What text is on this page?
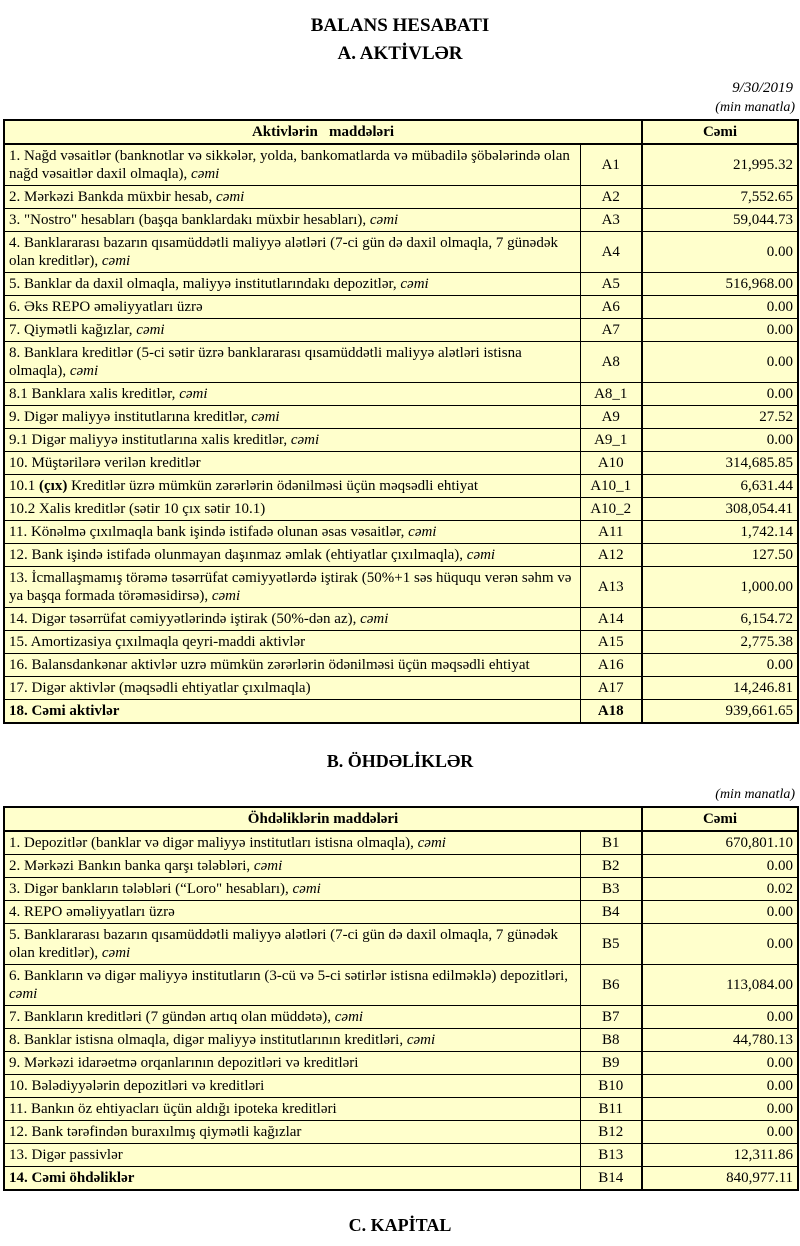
BALANS HESABATI
A. AKTİVLƏR
9/30/2019
(min manatla)
Aktivlərin   maddələri		Cəmi
1. Nağd vəsaitlər (banknotlar və sikkələr, yolda, bankomatlarda və mübadilə şöbələrində olan nağd vəsaitlər daxil olmaqla), cəmi	A1	21,995.32
2. Mərkəzi Bankda müxbir hesab, cəmi	A2	7,552.65
3. "Nostro" hesabları (başqa banklardakı müxbir hesabları), cəmi	A3	59,044.73
4. Banklararası bazarın qısamüddətli maliyyə alətləri (7-ci gün də daxil olmaqla, 7 günədək olan kreditlər), cəmi	A4	0.00
5. Banklar da daxil olmaqla, maliyyə institutlarındakı depozitlər, cəmi	A5	516,968.00
6. Əks REPO əməliyyatları üzrə	A6	0.00
7. Qiymətli kağızlar, cəmi	A7	0.00
8. Banklara kreditlər (5-ci sətir üzrə banklararası qısamüddətli maliyyə alətləri istisna olmaqla), cəmi	A8	0.00
8.1 Banklara xalis kreditlər, cəmi	A8_1	0.00
9. Digər maliyyə institutlarına kreditlər, cəmi	A9	27.52
9.1 Digər maliyyə institutlarına xalis kreditlər, cəmi	A9_1	0.00
10. Müştərilərə verilən kreditlər	A10	314,685.85
10.1 (çıx) Kreditlər üzrə mümkün zərərlərin ödənilməsi üçün məqsədli ehtiyat	A10_1	6,631.44
10.2 Xalis kreditlər (sətir 10 çıx sətir 10.1)	A10_2	308,054.41
11. Könəlmə çıxılmaqla bank işində istifadə olunan əsas vəsaitlər, cəmi	A11	1,742.14
12. Bank işində istifadə olunmayan daşınmaz əmlak (ehtiyatlar çıxılmaqla), cəmi	A12	127.50
13. İcmallaşmamış törəmə təsərrüfat cəmiyyətlərdə iştirak (50%+1 səs hüququ verən səhm və ya başqa formada törəməsidirsə), cəmi	A13	1,000.00
14. Digər təsərrüfat cəmiyyətlərində iştirak (50%-dən az), cəmi	A14	6,154.72
15. Amortizasiya çıxılmaqla qeyri-maddi aktivlər	A15	2,775.38
16. Balansdankənar aktivlər uzrə mümkün zərərlərin ödənilməsi üçün məqsədli ehtiyat	A16	0.00
17. Digər aktivlər (məqsədli ehtiyatlar çıxılmaqla)	A17	14,246.81
18. Cəmi aktivlər	A18	939,661.65
B. ÖHDƏLİKLƏR
(min manatla)
Öhdəliklərin maddələri		Cəmi
1. Depozitlər (banklar və digər maliyyə institutları istisna olmaqla), cəmi	B1	670,801.10
2. Mərkəzi Bankın banka qarşı tələbləri, cəmi	B2	0.00
3. Digər bankların tələbləri (“Loro" hesabları), cəmi	B3	0.02
4. REPO əməliyyatları üzrə	B4	0.00
5. Banklararası bazarın qısamüddətli maliyyə alətləri (7-ci gün də daxil olmaqla, 7 günədək olan kreditlər), cəmi	B5	0.00
6. Bankların və digər maliyyə institutların (3-cü və 5-ci sətirlər istisna edilməklə) depozitləri, cəmi	B6	113,084.00
7. Bankların kreditləri (7 gündən artıq olan müddətə), cəmi	B7	0.00
8. Banklar istisna olmaqla, digər maliyyə institutlarının kreditləri, cəmi	B8	44,780.13
9. Mərkəzi idarəetmə orqanlarının depozitləri və kreditləri	B9	0.00
10. Bələdiyyələrin depozitləri və kreditləri	B10	0.00
11. Bankın öz ehtiyacları üçün aldığı ipoteka kreditləri	B11	0.00
12. Bank tərəfindən buraxılmış qiymətli kağızlar	B12	0.00
13. Digər passivlər	B13	12,311.86
14. Cəmi öhdəliklər	B14	840,977.11
C. KAPİTAL
